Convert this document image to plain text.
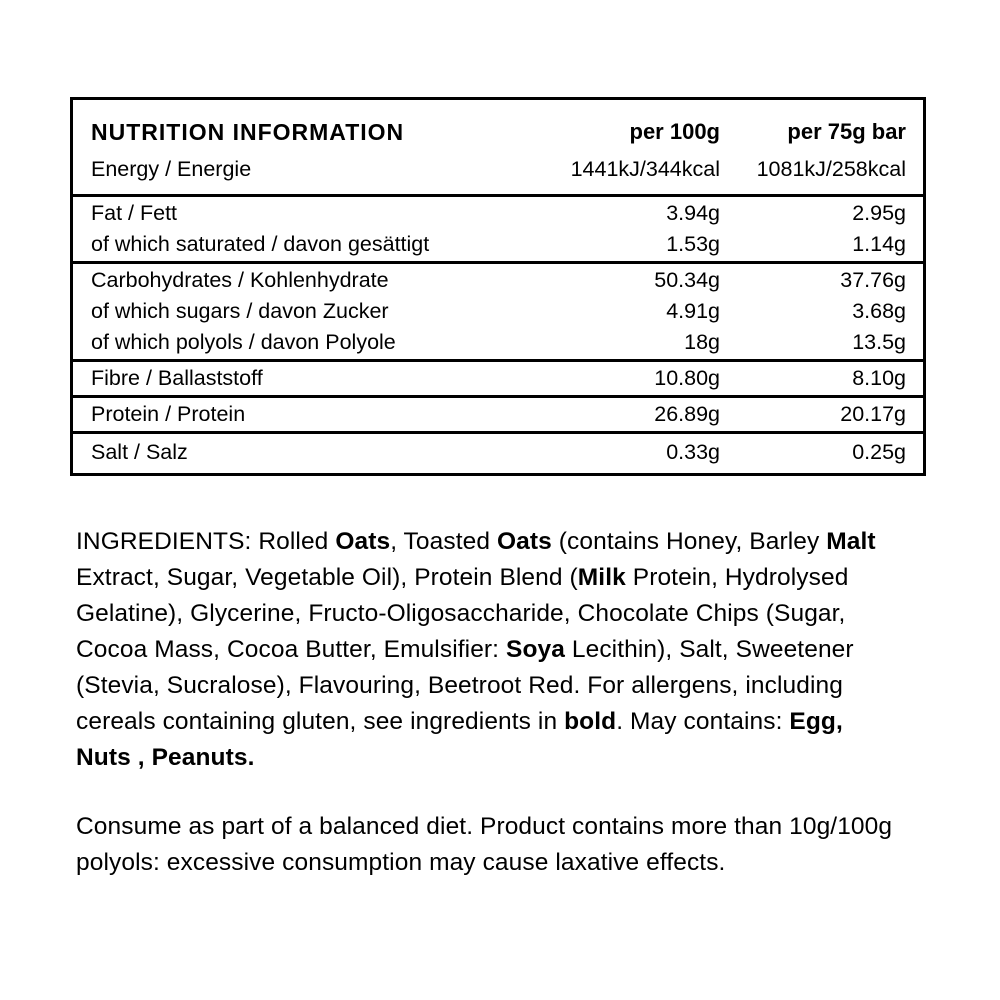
NUTRITION INFORMATION	per 100g	per 75g bar
Energy / Energie	1441kJ/344kcal	1081kJ/258kcal
Fat / Fett	3.94g	2.95g
of which saturated / davon gesättigt	1.53g	1.14g
Carbohydrates / Kohlenhydrate	50.34g	37.76g
of which sugars / davon Zucker	4.91g	3.68g
of which polyols / davon Polyole	18g	13.5g
Fibre / Ballaststoff	10.80g	8.10g
Protein / Protein	26.89g	20.17g
Salt / Salz	0.33g	0.25g

INGREDIENTS: Rolled Oats, Toasted Oats (contains Honey, Barley Malt
Extract, Sugar, Vegetable Oil), Protein Blend (Milk Protein, Hydrolysed
Gelatine), Glycerine, Fructo-Oligosaccharide, Chocolate Chips (Sugar,
Cocoa Mass, Cocoa Butter, Emulsifier: Soya Lecithin), Salt, Sweetener
(Stevia, Sucralose), Flavouring, Beetroot Red. For allergens, including
cereals containing gluten, see ingredients in bold. May contains: Egg,
Nuts , Peanuts.

Consume as part of a balanced diet. Product contains more than 10g/100g
polyols: excessive consumption may cause laxative effects.
